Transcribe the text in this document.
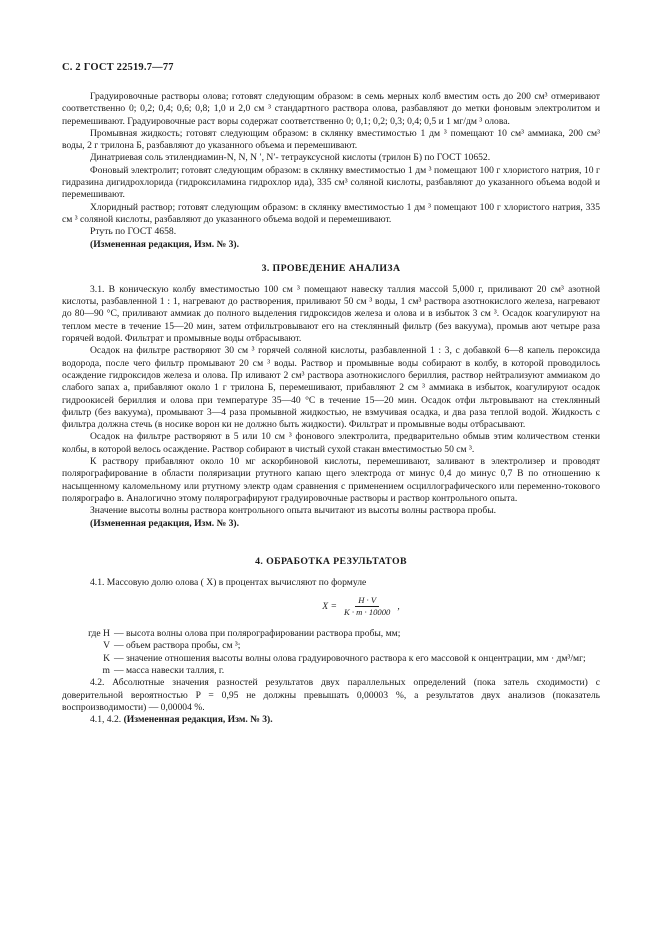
С. 2 ГОСТ 22519.7—77

Градуировочные растворы олова; готовят следующим образом: в семь мерных колб вместим ость до 200 см³ отмеривают соответственно 0; 0,2; 0,4; 0,6; 0,8; 1,0 и 2,0 см ³ стандартного раствора олова, разбавляют до метки фоновым электролитом и перемешивают. Градуировочные раст воры содержат соответственно 0; 0,1; 0,2; 0,3; 0,4; 0,5 и 1 мг/дм ³ олова.

Промывная жидкость; готовят следующим образом: в склянку вместимостью 1 дм ³ помещают 10 см³ аммиака, 200 см³ воды, 2 г трилона Б, разбавляют до указанного объема и перемешивают.

Динатриевая соль этилендиамин-N, N, N ′, N′- тетрауксусной кислоты (трилон Б) по ГОСТ 10652.

Фоновый электролит; готовят следующим образом: в склянку вместимостью 1 дм ³ помещают 100 г хлористого натрия, 10 г гидразина дигидрохлорида (гидроксиламина гидрохлор ида), 335 см³ соляной кислоты, разбавляют до указанного объема водой и перемешивают.

Хлоридный раствор; готовят следующим образом: в склянку вместимостью 1 дм ³ помещают 100 г хлористого натрия, 335 см ³ соляной кислоты, разбавляют до указанного объема водой и перемешивают.

Ртуть по ГОСТ 4658.

(Измененная редакция, Изм. № 3).

3. ПРОВЕДЕНИЕ АНАЛИЗА

3.1. В коническую колбу вместимостью 100 см ³ помещают навеску таллия массой 5,000 г, приливают 20 см³ азотной кислоты, разбавленной 1 : 1, нагревают до растворения, приливают 50 см ³ воды, 1 см³ раствора азотнокислого железа, нагревают до 80—90 °С, приливают аммиак до полного выделения гидроксидов железа и олова и в избыток 3 см ³. Осадок коагулируют на теплом месте в течение 15—20 мин, затем отфильтровывают его на стеклянный фильтр (без вакуума), промыв ают четыре раза горячей водой. Фильтрат и промывные воды отбрасывают.

Осадок на фильтре растворяют 30 см ³ горячей соляной кислоты, разбавленной 1 : 3, с добавкой 6—8 капель пероксида водорода, после чего фильтр промывают 20 см ³ воды. Раствор и промывные воды собирают в колбу, в которой проводилось осаждение гидроксидов железа и олова. Пр иливают 2 см³ раствора азотнокислого бериллия, раствор нейтрализуют аммиаком до слабого запах а, прибавляют около 1 г трилона Б, перемешивают, прибавляют 2 см ³ аммиака в избыток, коагулируют осадок гидроокисей бериллия и олова при температуре 35—40 °С в течение 15—20 мин. Осадок отфи льтровывают на стеклянный фильтр (без вакуума), промывают 3—4 раза промывной жидкостью, не взмучивая осадка, и два раза теплой водой. Жидкость с фильтра должна стечь (в носике ворон ки не должно быть жидкости). Фильтрат и промывные воды отбрасывают.

Осадок на фильтре растворяют в 5 или 10 см ³ фонового электролита, предварительно обмыв этим количеством стенки колбы, в которой велось осаждение. Раствор собирают в чистый сухой стакан вместимостью 50 см ³.

К раствору прибавляют около 10 мг аскорбиновой кислоты, перемешивают, заливают в электролизер и проводят полярографирование в области поляризации ртутного капаю щего электрода от минус 0,4 до минус 0,7 В по отношению к насыщенному каломельному или ртутному электр одам сравнения с применением осциллографического или переменно-токового полярографо в. Аналогично этому полярографируют градуировочные растворы и раствор контрольного опыта.

Значение высоты волны раствора контрольного опыта вычитают из высоты волны раствора пробы.

(Измененная редакция, Изм. № 3).

4. ОБРАБОТКА РЕЗУЛЬТАТОВ

4.1. Массовую долю олова ( X) в процентах вычисляют по формуле

$X = \frac{H \cdot V}{K \cdot m \cdot 10000}$ ,
где H — высота волны олова при полярографировании раствора пробы, мм;
V — объем раствора пробы, см ³;
K — значение отношения высоты волны олова градуировочного раствора к его массовой к онцентрации, мм · дм³/мг;
m — масса навески таллия, г.

4.2. Абсолютные значения разностей результатов двух параллельных определений (пока затель сходимости) с доверительной вероятностью P = 0,95 не должны превышать 0,00003 %, а результатов двух анализов (показатель воспроизводимости) — 0,00004 %.

4.1, 4.2. (Измененная редакция, Изм. № 3).
